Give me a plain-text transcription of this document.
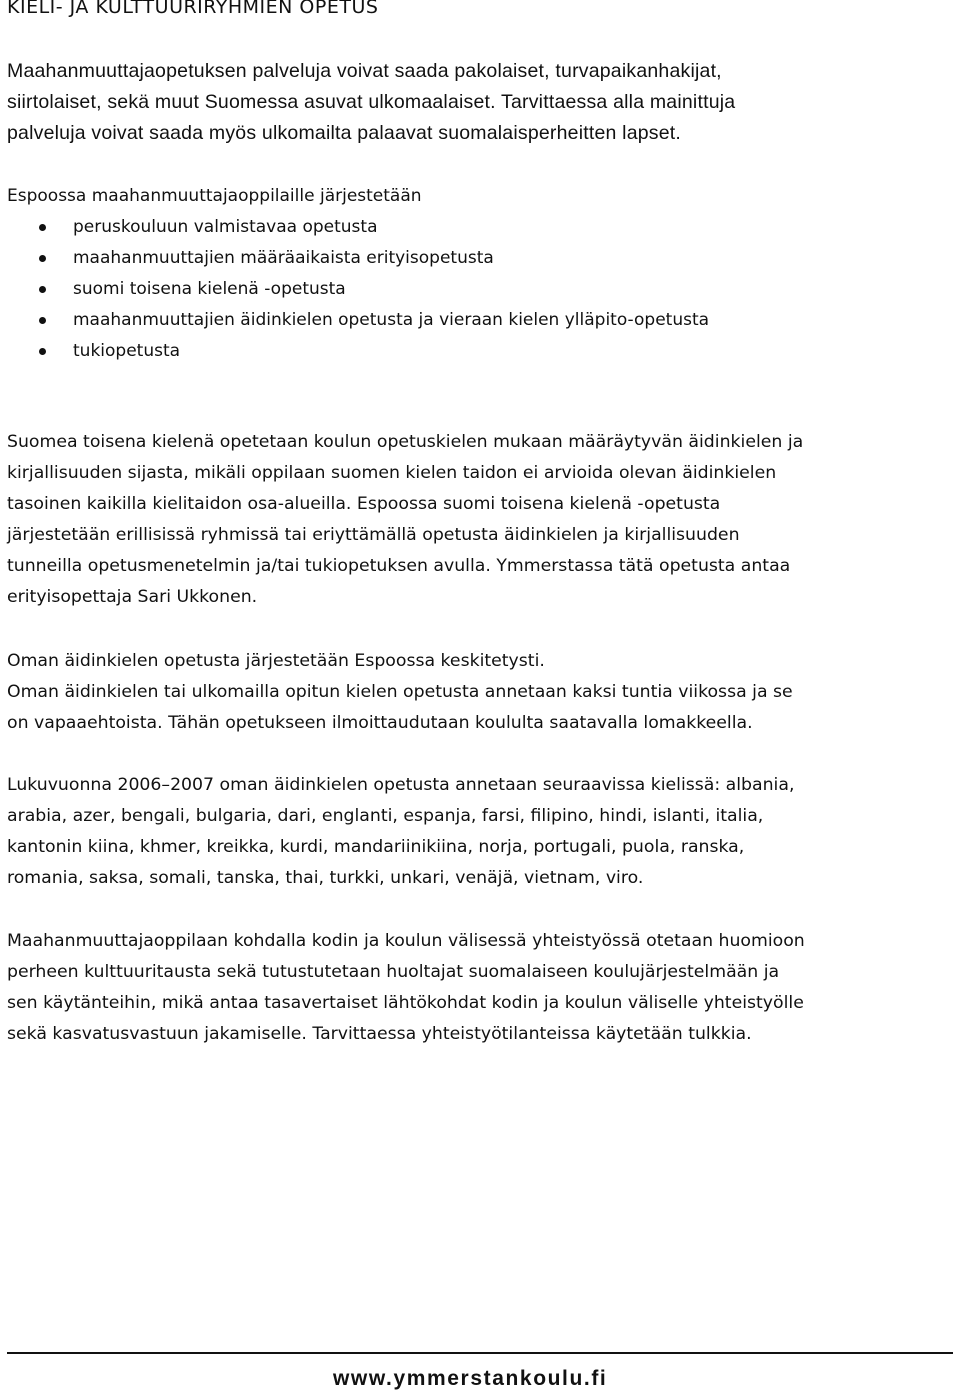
KIELI- JA KULTTUURIRYHMIEN OPETUS

Maahanmuuttajaopetuksen palveluja voivat saada pakolaiset, turvapaikanhakijat,
siirtolaiset, sekä muut Suomessa asuvat ulkomaalaiset. Tarvittaessa alla mainittuja
palveluja voivat saada myös ulkomailta palaavat suomalaisperheitten lapset.

Espoossa maahanmuuttajaoppilaille järjestetään

peruskouluun valmistavaa opetusta
maahanmuuttajien määräaikaista erityisopetusta
suomi toisena kielenä -opetusta
maahanmuuttajien äidinkielen opetusta ja vieraan kielen ylläpito-opetusta
tukiopetusta

Suomea toisena kielenä opetetaan koulun opetuskielen mukaan määräytyvän äidinkielen ja
kirjallisuuden sijasta, mikäli oppilaan suomen kielen taidon ei arvioida olevan äidinkielen
tasoinen kaikilla kielitaidon osa-alueilla. Espoossa suomi toisena kielenä -opetusta
järjestetään erillisissä ryhmissä tai eriyttämällä opetusta äidinkielen ja kirjallisuuden
tunneilla opetusmenetelmin ja/tai tukiopetuksen avulla. Ymmerstassa tätä opetusta antaa
erityisopettaja Sari Ukkonen.

Oman äidinkielen opetusta järjestetään Espoossa keskitetysti.
Oman äidinkielen tai ulkomailla opitun kielen opetusta annetaan kaksi tuntia viikossa ja se
on vapaaehtoista. Tähän opetukseen ilmoittaudutaan koululta saatavalla lomakkeella.

Lukuvuonna 2006–2007 oman äidinkielen opetusta annetaan seuraavissa kielissä: albania,
arabia, azer, bengali, bulgaria, dari, englanti, espanja, farsi, filipino, hindi, islanti, italia,
kantonin kiina, khmer, kreikka, kurdi, mandariinikiina, norja, portugali, puola, ranska,
romania, saksa, somali, tanska, thai, turkki, unkari, venäjä, vietnam, viro.

Maahanmuuttajaoppilaan kohdalla kodin ja koulun välisessä yhteistyössä otetaan huomioon
perheen kulttuuritausta sekä tutustutetaan huoltajat suomalaiseen koulujärjestelmään ja
sen käytänteihin, mikä antaa tasavertaiset lähtökohdat kodin ja koulun väliselle yhteistyölle
sekä kasvatusvastuun jakamiselle. Tarvittaessa yhteistyötilanteissa käytetään tulkkia.

www.ymmerstankoulu.fi
